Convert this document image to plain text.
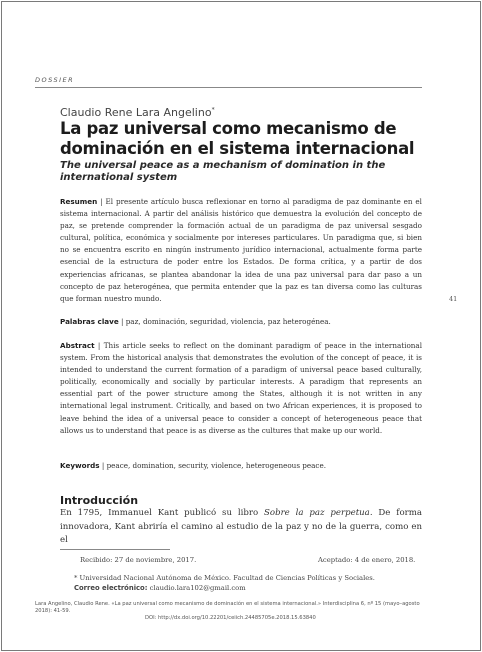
DOSSIER
Claudio Rene Lara Angelino*
La paz universal como mecanismo de dominación en el sistema internacional
The universal peace as a mechanism of domination in the international system
Resumen | El presente artículo busca reflexionar en torno al paradigma de paz dominante en el sistema internacional. A partir del análisis histórico que demuestra la evolución del concepto de paz, se pretende comprender la formación actual de un paradigma de paz universal sesgado cultural, política, económica y socialmente por intereses particulares. Un paradigma que, si bien no se encuentra escrito en ningún instrumento jurídico internacional, actualmente forma parte esencial de la estructura de poder entre los Estados. De forma crítica, y a partir de dos experiencias africanas, se plantea abandonar la idea de una paz universal para dar paso a un concepto de paz heterogénea, que permita entender que la paz es tan diversa como las culturas que forman nuestro mundo.
Palabras clave | paz, dominación, seguridad, violencia, paz heterogénea.
Abstract | This article seeks to reflect on the dominant paradigm of peace in the international system. From the historical analysis that demonstrates the evolution of the concept of peace, it is intended to understand the current formation of a paradigm of universal peace based culturally, politically, economically and socially by particular interests. A paradigm that represents an essential part of the power structure among the States, although it is not written in any international legal instrument. Critically, and based on two African experiences, it is proposed to leave behind the idea of a universal peace to consider a concept of heterogeneous peace that allows us to understand that peace is as diverse as the cultures that make up our world.
Keywords | peace, domination, security, violence, heterogeneous peace.
41
Introducción
En 1795, Immanuel Kant publicó su libro Sobre la paz perpetua. De forma innovadora, Kant abriría el camino al estudio de la paz y no de la guerra, como en el
Recibido: 27 de noviembre, 2017.	Aceptado: 4 de enero, 2018.
* Universidad Nacional Autónoma de México. Facultad de Ciencias Políticas y Sociales.
Correo electrónico: claudio.lara102@gmail.com
Lara Angelino, Claudio Rene. «La paz universal como mecanismo de dominación en el sistema internacional.» Interdisciplina 6, nº 15 (mayo–agosto 2018): 41-59.
DOI: http://dx.doi.org/10.22201/ceiich.24485705e.2018.15.63840
